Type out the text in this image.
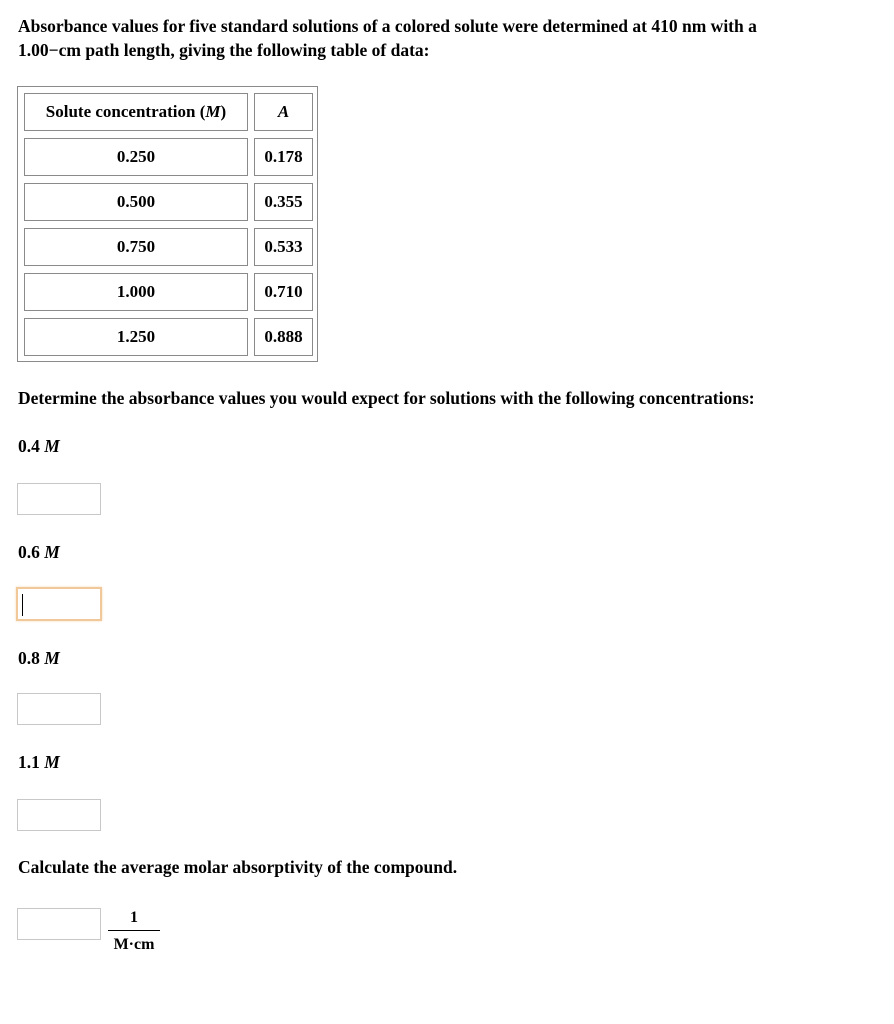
Absorbance values for five standard solutions of a colored solute were determined at 410 nm with a
1.00−cm path length, giving the following table of data:
Solute concentration ( M )	A
0.250	0.178
0.500	0.355
0.750	0.533
1.000	0.710
1.250	0.888
Determine the absorbance values you would expect for solutions with the following concentrations:
0.4 M
0.6 M
0.8 M
1.1 M
Calculate the average molar absorptivity of the compound.
1
M·cm
